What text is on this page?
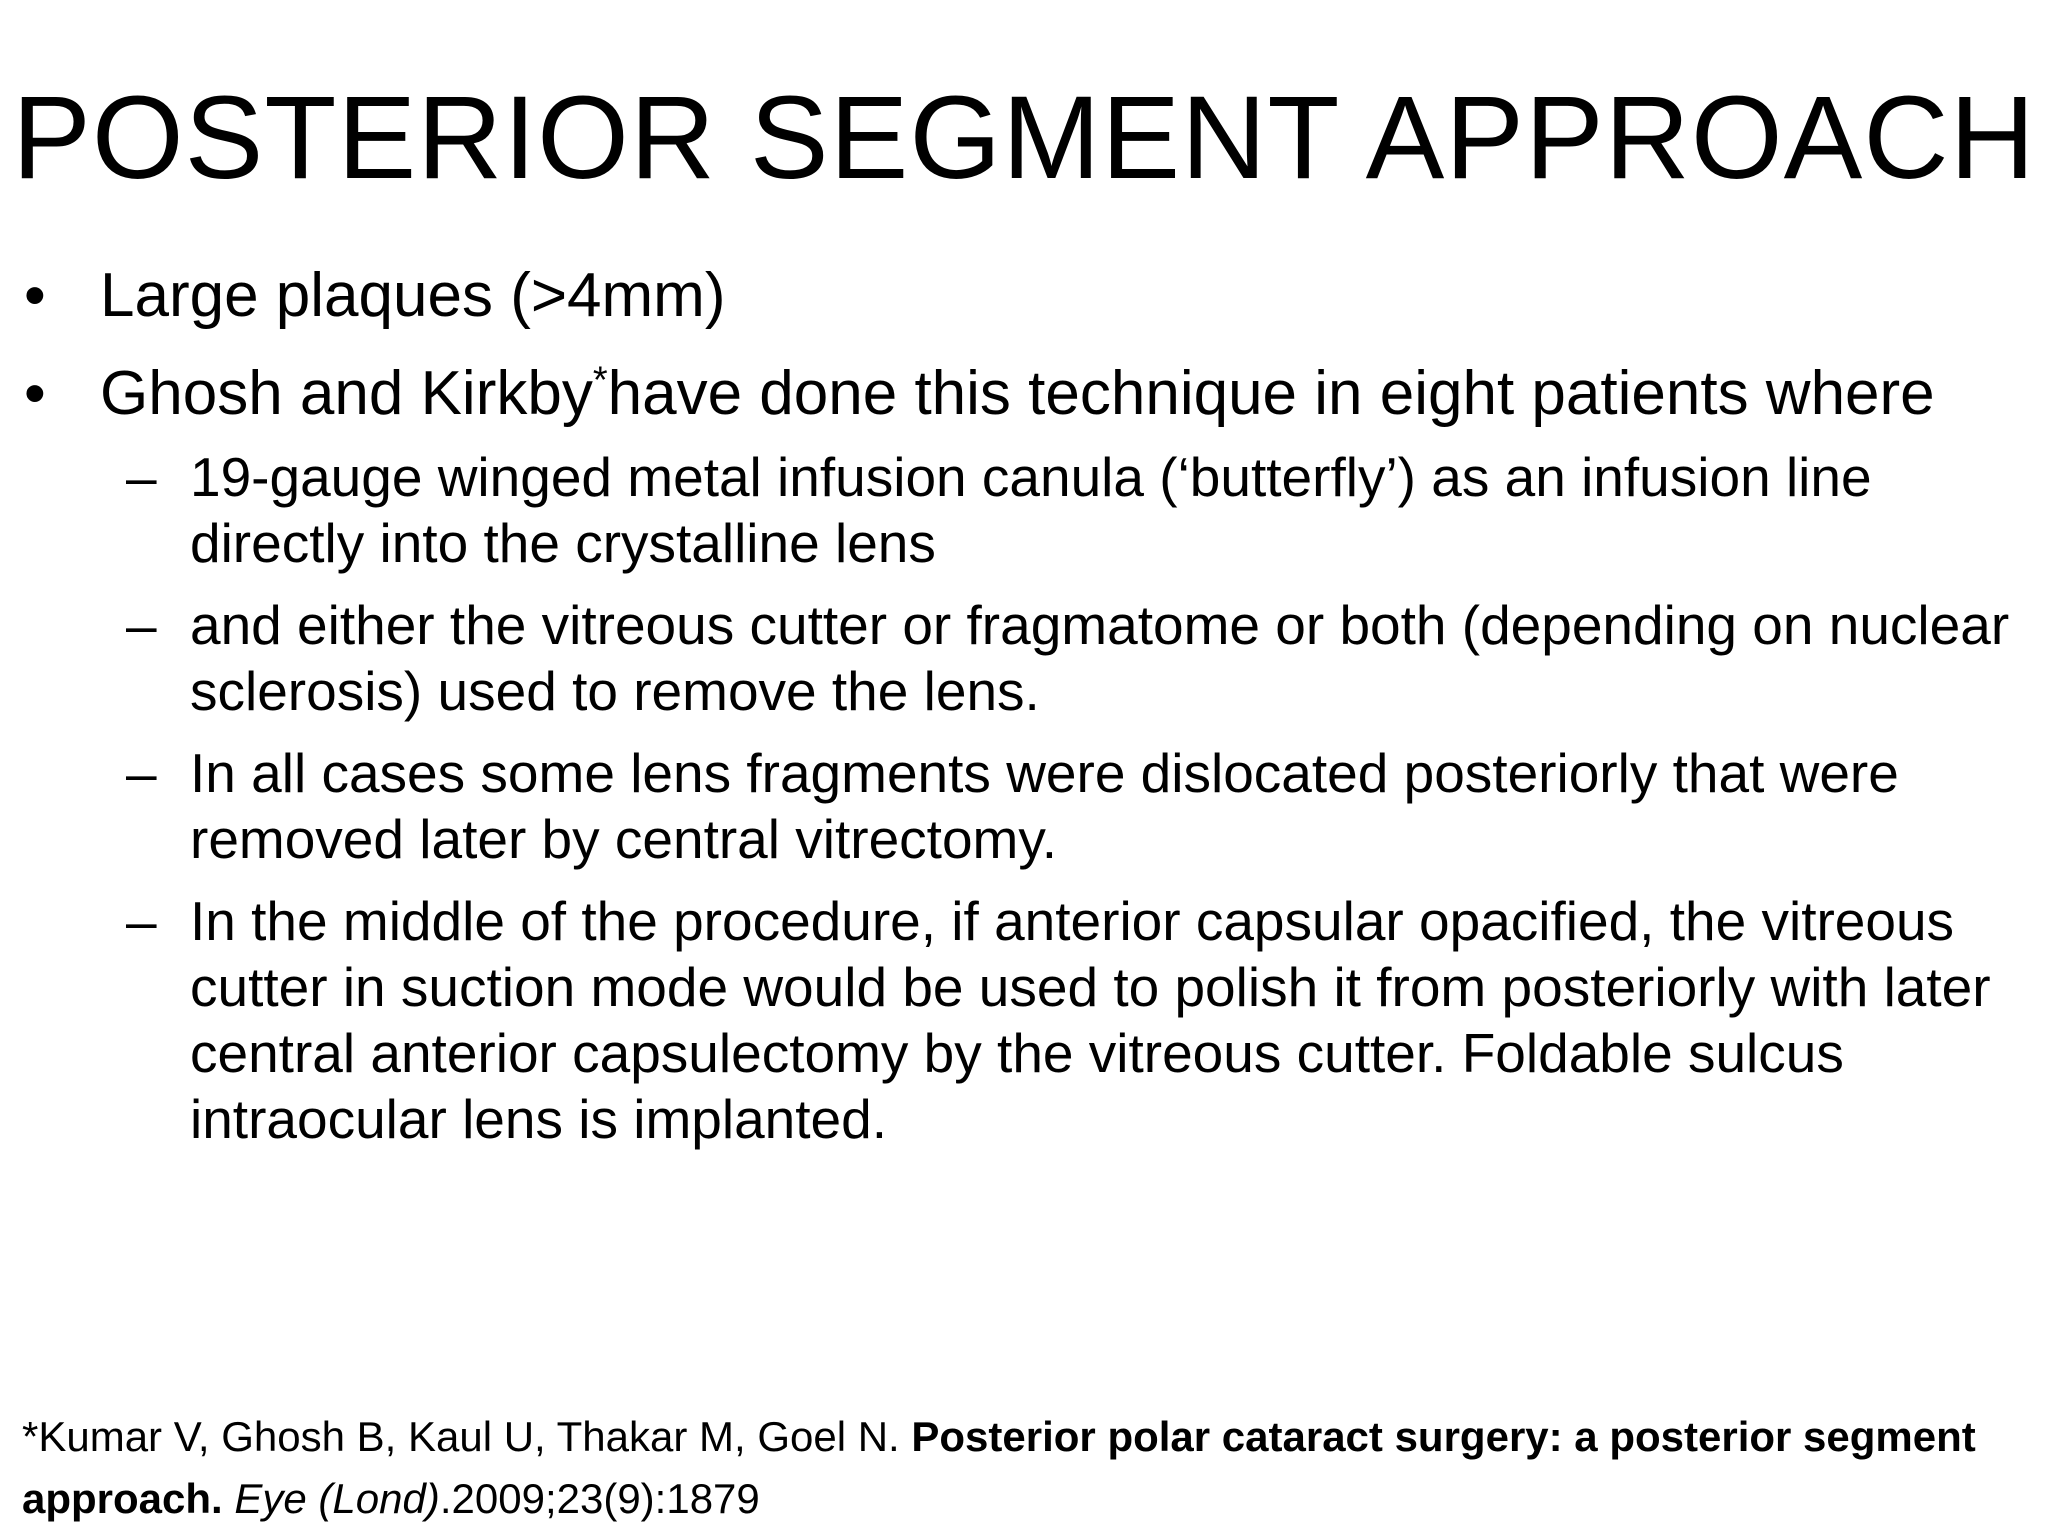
POSTERIOR SEGMENT APPROACH
• Large plaques (>4mm)
• Ghosh and Kirkby*have done this technique in eight patients where
– 19-gauge winged metal infusion canula (‘butterfly’) as an infusion line directly into the crystalline lens
– and either the vitreous cutter or fragmatome or both (depending on nuclear sclerosis) used to remove the lens.
– In all cases some lens fragments were dislocated posteriorly that were removed later by central vitrectomy.
– In the middle of the procedure, if anterior capsular opacified, the vitreous cutter in suction mode would be used to polish it from posteriorly with later central anterior capsulectomy by the vitreous cutter. Foldable sulcus intraocular lens is implanted.
*Kumar V, Ghosh B, Kaul U, Thakar M, Goel N. Posterior polar cataract surgery: a posterior segment approach. Eye (Lond).2009;23(9):1879
